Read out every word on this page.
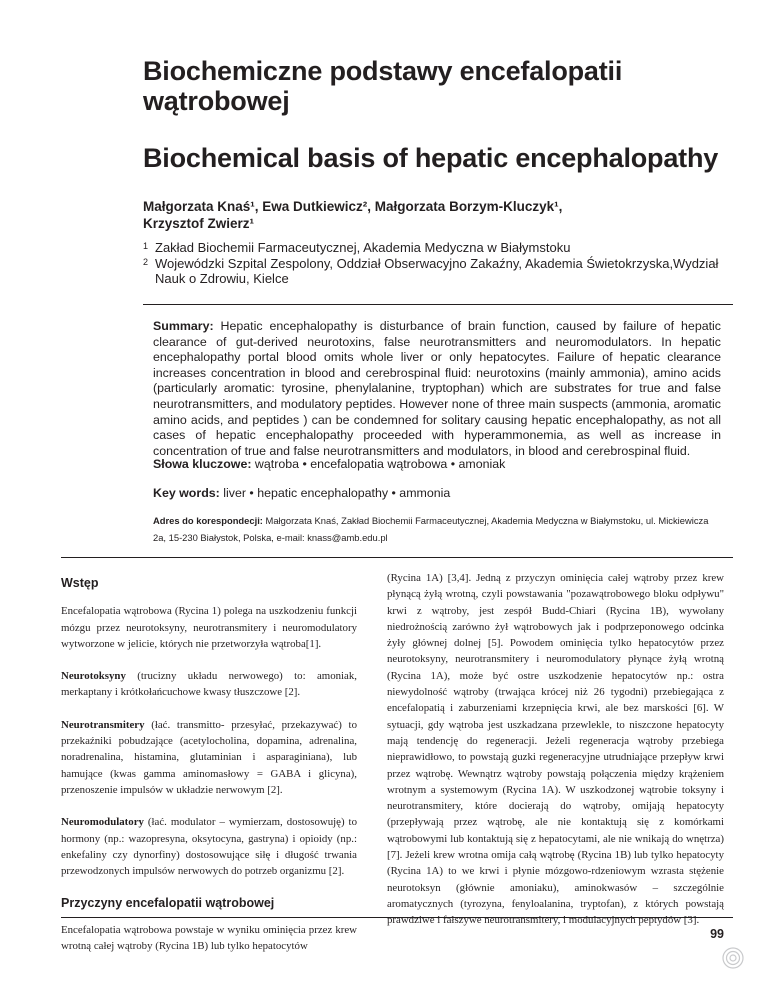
Biochemiczne podstawy encefalopatii wątrobowej
Biochemical basis of hepatic encephalopathy
Małgorzata Knaś¹, Ewa Dutkiewicz², Małgorzata Borzym-Kluczyk¹,
Krzysztof Zwierz¹
1 Zakład Biochemii Farmaceutycznej, Akademia Medyczna w Białymstoku
2 Wojewódzki Szpital Zespolony, Oddział Obserwacyjno Zakaźny, Akademia Świetokrzyska,Wydział Nauk o Zdrowiu, Kielce
Summary: Hepatic encephalopathy is disturbance of brain function, caused by failure of hepatic clearance of gut-derived neurotoxins, false neurotransmitters and neuromodulators. In hepatic encephalopathy portal blood omits whole liver or only hepatocytes. Failure of hepatic clearance increases concentration in blood and cerebrospinal fluid: neurotoxins (mainly ammonia), amino acids (particularly aromatic: tyrosine, phenylalanine, tryptophan) which are substrates for true and false neurotransmitters, and modulatory peptides. However none of three main suspects (ammonia, aromatic amino acids, and peptides ) can be condemned for solitary causing hepatic encephalopathy, as not all cases of hepatic encephalopathy proceeded with hyperammonemia, as well as increase in concentration of true and false neurotransmitters and modulators, in blood and cerebrospinal fluid.
Słowa kluczowe: wątroba • encefalopatia wątrobowa • amoniak
Key words: liver • hepatic encephalopathy • ammonia
Adres do korespondecji: Małgorzata Knaś, Zakład Biochemii Farmaceutycznej, Akademia Medyczna w Białymstoku, ul. Mickiewicza 2a, 15-230 Białystok, Polska, e-mail: knass@amb.edu.pl
Wstęp

Encefalopatia wątrobowa (Rycina 1) polega na uszkodzeniu funkcji mózgu przez neurotoksyny, neurotransmitery i neuromodulatory wytworzone w jelicie, których nie przetworzyła wątroba[1].

Neurotoksyny (trucizny układu nerwowego) to: amoniak, merkaptany i krótkołańcuchowe kwasy tłuszczowe [2].

Neurotransmitery (łać. transmitto- przesyłać, przekazywać) to przekaźniki pobudzające (acetylocholina, dopamina, adrenalina, noradrenalina, histamina, glutaminian i asparaginiana), lub hamujące (kwas gamma aminomasłowy = GABA i glicyna), przenoszenie impulsów w układzie nerwowym [2].

Neuromodulatory (łać. modulator – wymierzam, dostosowuję) to hormony (np.: wazopresyna, oksytocyna, gastryna) i opioidy (np.: enkefaliny czy dynorfiny) dostosowujące siłę i długość trwania przewodzonych impulsów nerwowych do potrzeb organizmu [2].

Przyczyny encefalopatii wątrobowej

Encefalopatia wątrobowa powstaje w wyniku ominięcia przez krew wrotną całej wątroby (Rycina 1B) lub tylko hepatocytów

(Rycina 1A) [3,4]. Jedną z przyczyn ominięcia całej wątroby przez krew płynącą żyłą wrotną, czyli powstawania "pozawątrobowego bloku odpływu" krwi z wątroby, jest zespół Budd-Chiari (Rycina 1B), wywołany niedrożnością zarówno żył wątrobowych jak i podprzeponowego odcinka żyły głównej dolnej [5]. Powodem ominięcia tylko hepatocytów przez neurotoksyny, neurotransmitery i neuromodulatory płynące żyłą wrotną (Rycina 1A), może być ostre uszkodzenie hepatocytów np.: ostra niewydolność wątroby (trwająca krócej niż 26 tygodni) przebiegająca z encefalopatią i zaburzeniami krzepnięcia krwi, ale bez marskości [6]. W sytuacji, gdy wątroba jest uszkadzana przewlekle, to niszczone hepatocyty mają tendencję do regeneracji. Jeżeli regeneracja wątroby przebiega nieprawidłowo, to powstają guzki regeneracyjne utrudniające przepływ krwi przez wątrobę. Wewnątrz wątroby powstają połączenia między krążeniem wrotnym a systemowym (Rycina 1A). W uszkodzonej wątrobie toksyny i neurotransmitery, które docierają do wątroby, omijają hepatocyty (przepływają przez wątrobę, ale nie kontaktują się z komórkami wątrobowymi lub kontaktują się z hepatocytami, ale nie wnikają do wnętrza) [7]. Jeżeli krew wrotna omija całą wątrobę (Rycina 1B) lub tylko hepatocyty (Rycina 1A) to we krwi i płynie mózgowo-rdzeniowym wzrasta stężenie neurotoksyn (głównie amoniaku), aminokwasów – szczególnie aromatycznych (tyrozyna, fenyloalanina, tryptofan), z których powstają prawdziwe i fałszywe neurotransmitery, i modulacyjnych peptydów [3].

99
